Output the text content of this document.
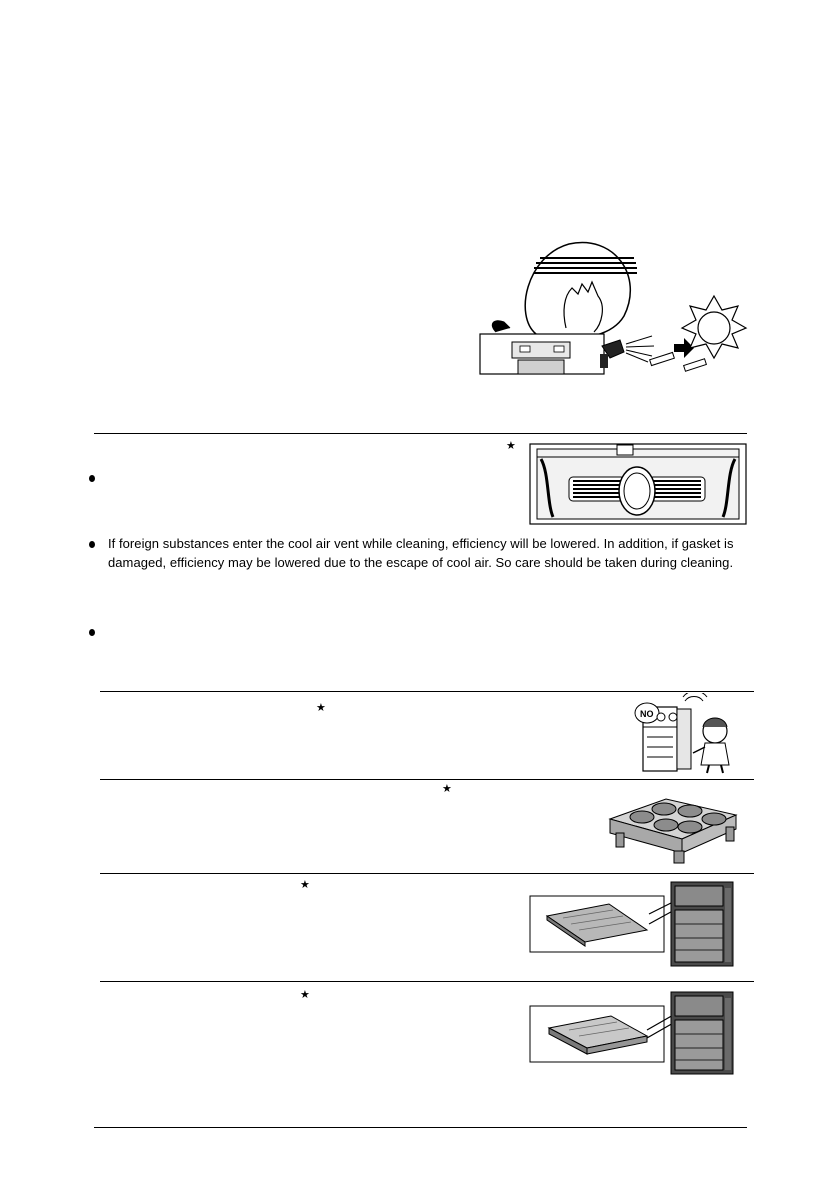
★
If foreign substances enter the cool air vent while cleaning, efficiency will be lowered. In addition, if gasket is damaged, efficiency may be lowered due to the escape of cool air. So care should be taken during cleaning.
★	NO
★
★
★
